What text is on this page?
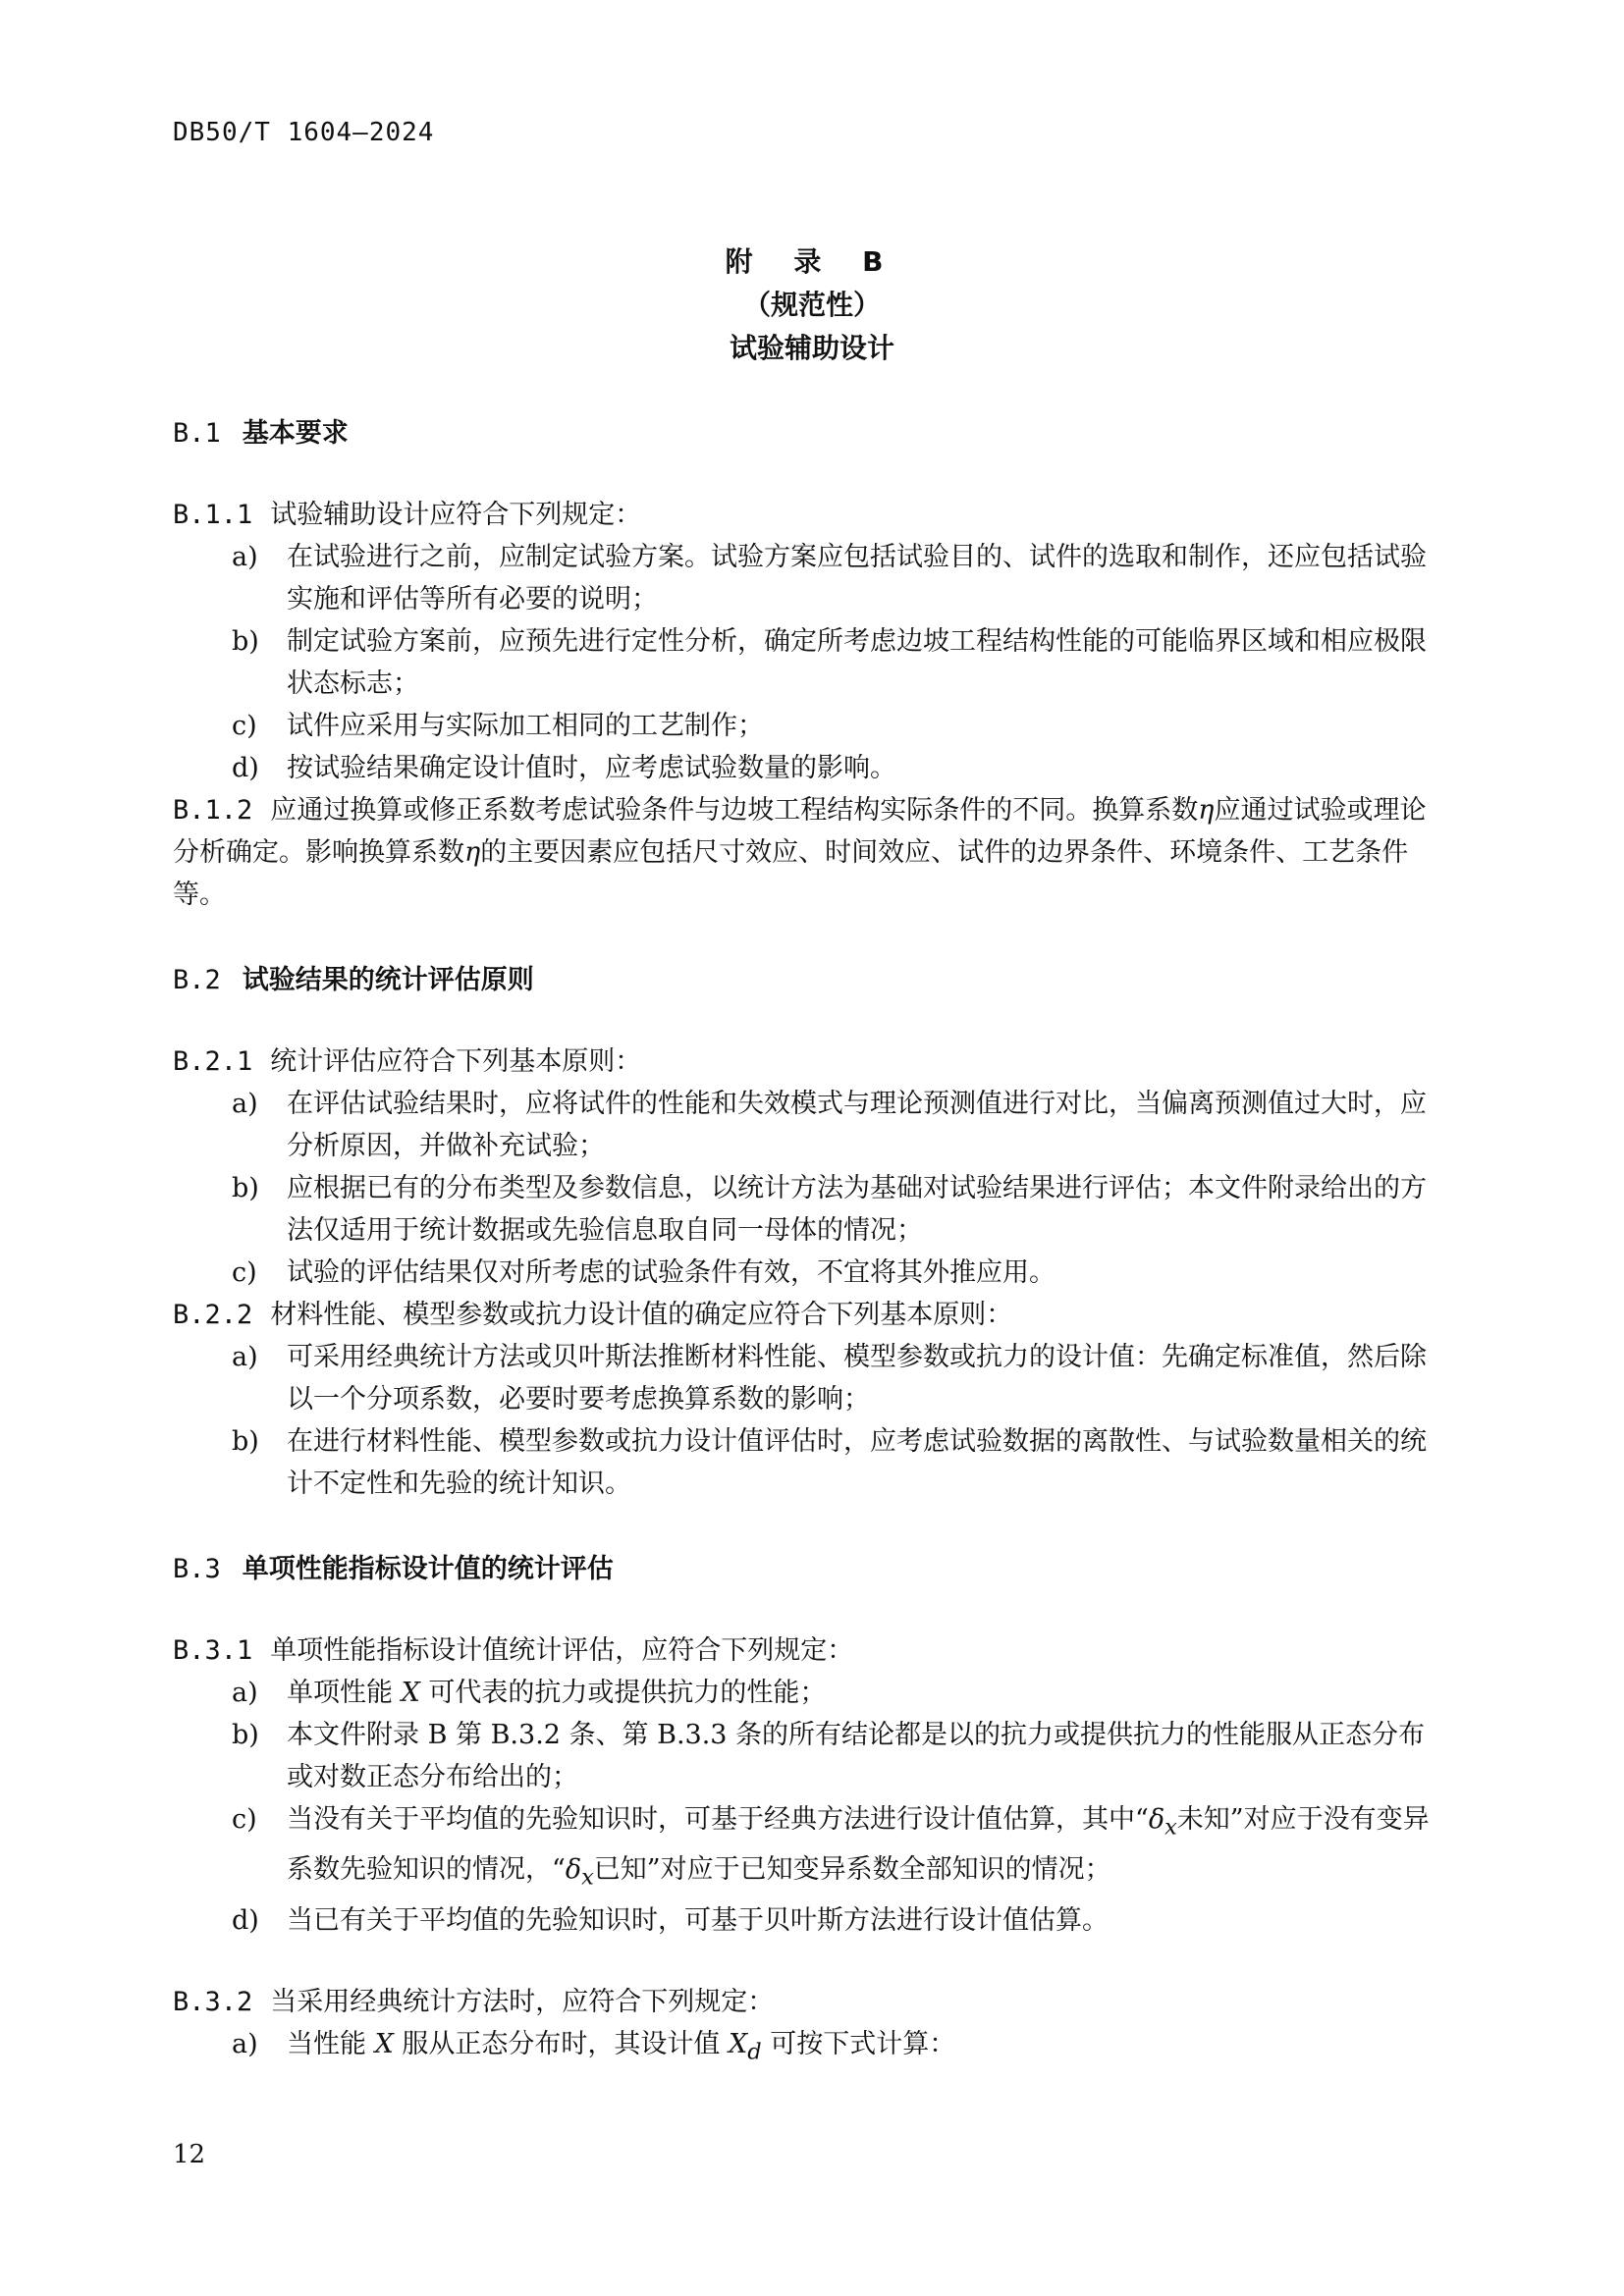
DB50/T 1604—2024
附 录 B
（规范性）
试验辅助设计
B.1 基本要求
B.1.1 试验辅助设计应符合下列规定：
a)	在试验进行之前，应制定试验方案。试验方案应包括试验目的、试件的选取和制作，还应包括试验实施和评估等所有必要的说明；
b)	制定试验方案前，应预先进行定性分析，确定所考虑边坡工程结构性能的可能临界区域和相应极限状态标志；
c)	试件应采用与实际加工相同的工艺制作；
d)	按试验结果确定设计值时，应考虑试验数量的影响。
B.1.2 应通过换算或修正系数考虑试验条件与边坡工程结构实际条件的不同。换算系数η应通过试验或理论分析确定。影响换算系数η的主要因素应包括尺寸效应、时间效应、试件的边界条件、环境条件、工艺条件等。
B.2 试验结果的统计评估原则
B.2.1 统计评估应符合下列基本原则：
a)	在评估试验结果时，应将试件的性能和失效模式与理论预测值进行对比，当偏离预测值过大时，应分析原因，并做补充试验；
b)	应根据已有的分布类型及参数信息，以统计方法为基础对试验结果进行评估；本文件附录给出的方法仅适用于统计数据或先验信息取自同一母体的情况；
c)	试验的评估结果仅对所考虑的试验条件有效，不宜将其外推应用。
B.2.2 材料性能、模型参数或抗力设计值的确定应符合下列基本原则：
a)	可采用经典统计方法或贝叶斯法推断材料性能、模型参数或抗力的设计值：先确定标准值，然后除以一个分项系数，必要时要考虑换算系数的影响；
b)	在进行材料性能、模型参数或抗力设计值评估时，应考虑试验数据的离散性、与试验数量相关的统计不定性和先验的统计知识。
B.3 单项性能指标设计值的统计评估
B.3.1 单项性能指标设计值统计评估，应符合下列规定：
a)	单项性能 X 可代表的抗力或提供抗力的性能；
b)	本文件附录 B 第 B.3.2 条、第 B.3.3 条的所有结论都是以的抗力或提供抗力的性能服从正态分布或对数正态分布给出的；
c)	当没有关于平均值的先验知识时，可基于经典方法进行设计值估算，其中“$\delta_x$未知”对应于没有变异系数先验知识的情况，“$\delta_x$已知”对应于已知变异系数全部知识的情况；
d)	当已有关于平均值的先验知识时，可基于贝叶斯方法进行设计值估算。
B.3.2 当采用经典统计方法时，应符合下列规定：
a)	当性能 X 服从正态分布时，其设计值 $X_d$ 可按下式计算：
12
